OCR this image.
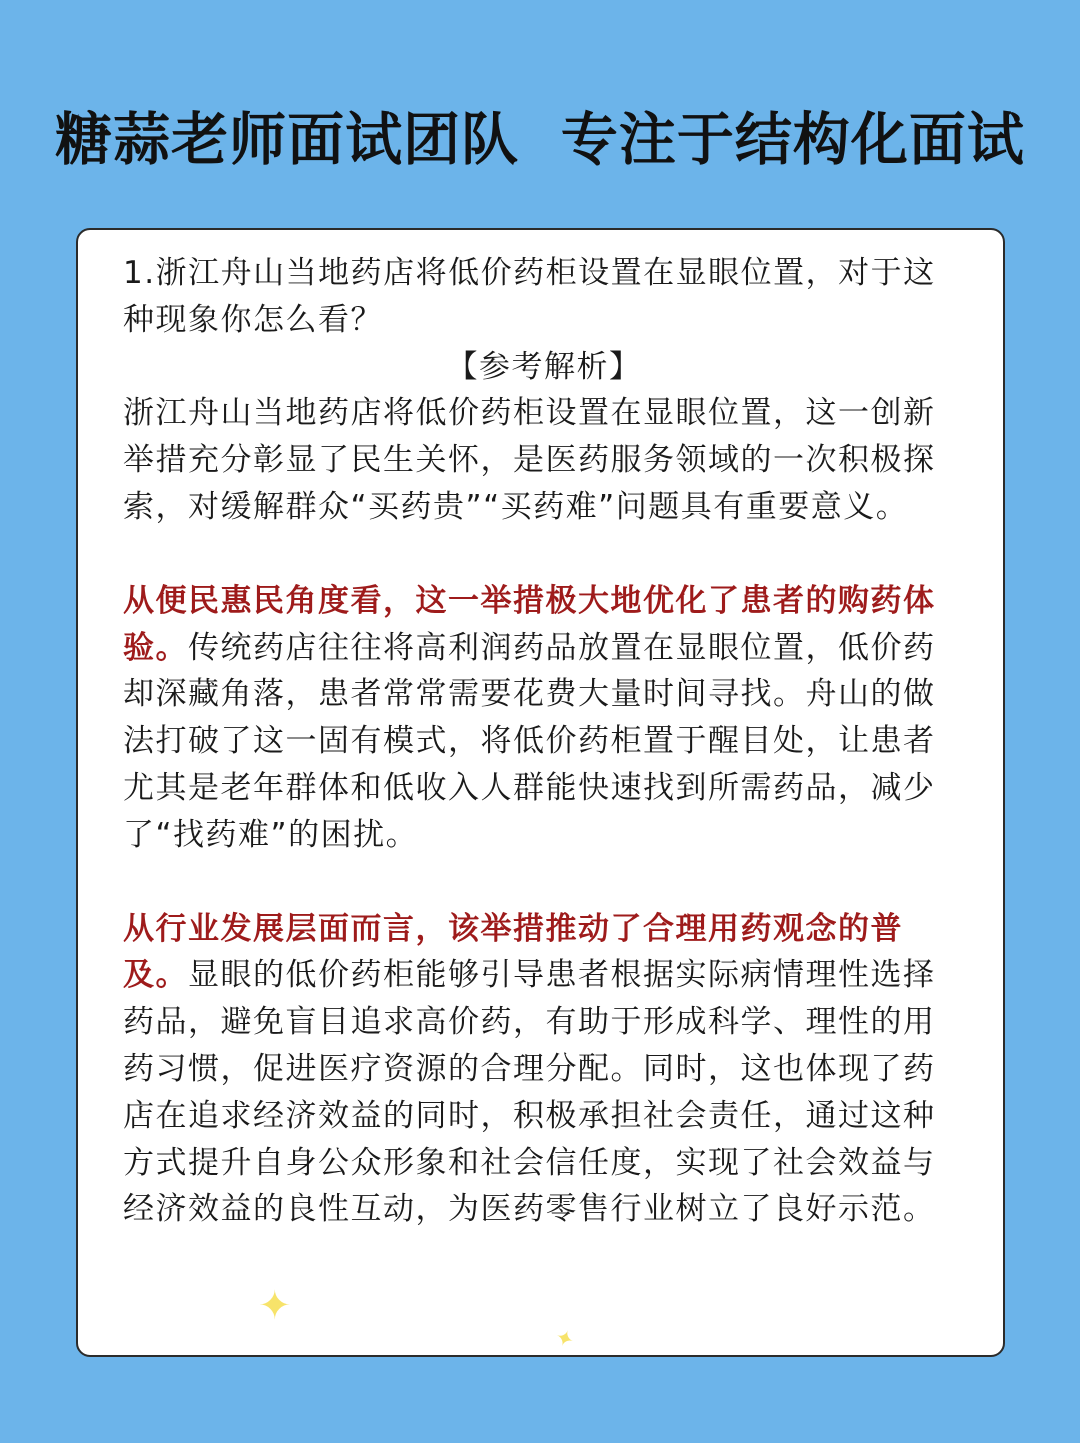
糖蒜老师面试团队  专注于结构化面试

1.浙江舟山当地药店将低价药柜设置在显眼位置，对于这种现象你怎么看？

【参考解析】

浙江舟山当地药店将低价药柜设置在显眼位置，这一创新举措充分彰显了民生关怀，是医药服务领域的一次积极探索，对缓解群众“买药贵”“买药难”问题具有重要意义。

从便民惠民角度看，这一举措极大地优化了患者的购药体验。传统药店往往将高利润药品放置在显眼位置，低价药却深藏角落，患者常常需要花费大量时间寻找。舟山的做法打破了这一固有模式，将低价药柜置于醒目处，让患者尤其是老年群体和低收入人群能快速找到所需药品，减少了“找药难”的困扰。

从行业发展层面而言，该举措推动了合理用药观念的普及。显眼的低价药柜能够引导患者根据实际病情理性选择药品，避免盲目追求高价药，有助于形成科学、理性的用药习惯，促进医疗资源的合理分配。同时，这也体现了药店在追求经济效益的同时，积极承担社会责任，通过这种方式提升自身公众形象和社会信任度，实现了社会效益与经济效益的良性互动，为医药零售行业树立了良好示范。

✦
✦
